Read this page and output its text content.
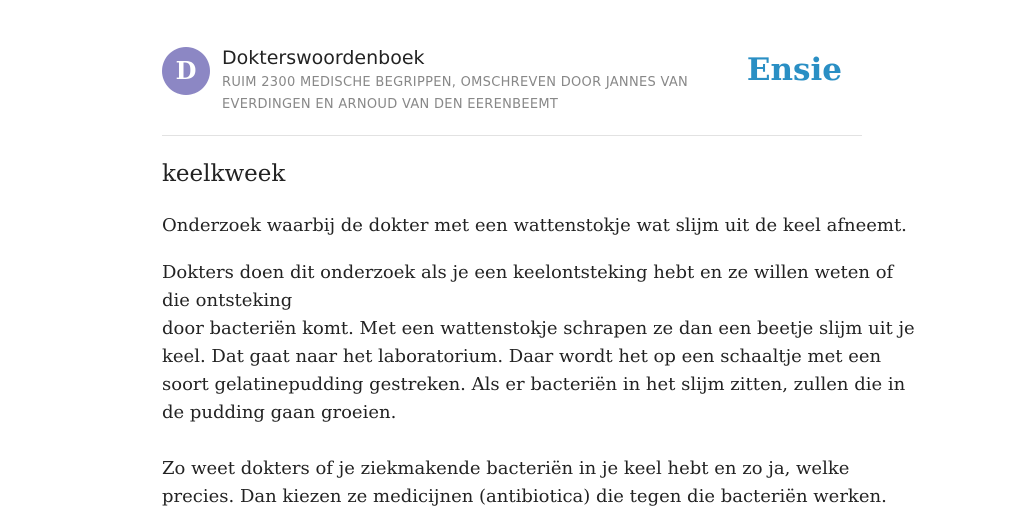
D	Dokterswoordenboek
RUIM 2300 MEDISCHE BEGRIPPEN, OMSCHREVEN DOOR JANNES VAN EVERDINGEN EN ARNOUD VAN DEN EERENBEEMT
Ensie
keelkweek

Onderzoek waarbij de dokter met een wattenstokje wat slijm uit de keel afneemt.

Dokters doen dit onderzoek als je een keelontsteking hebt en ze willen weten of
die ontsteking
door bacteriën komt. Met een wattenstokje schrapen ze dan een beetje slijm uit je
keel. Dat gaat naar het laboratorium. Daar wordt het op een schaaltje met een
soort gelatinepudding gestreken. Als er bacteriën in het slijm zitten, zullen die in
de pudding gaan groeien.
Zo weet dokters of je ziekmakende bacteriën in je keel hebt en zo ja, welke
precies. Dan kiezen ze medicijnen (antibiotica) die tegen die bacteriën werken.
